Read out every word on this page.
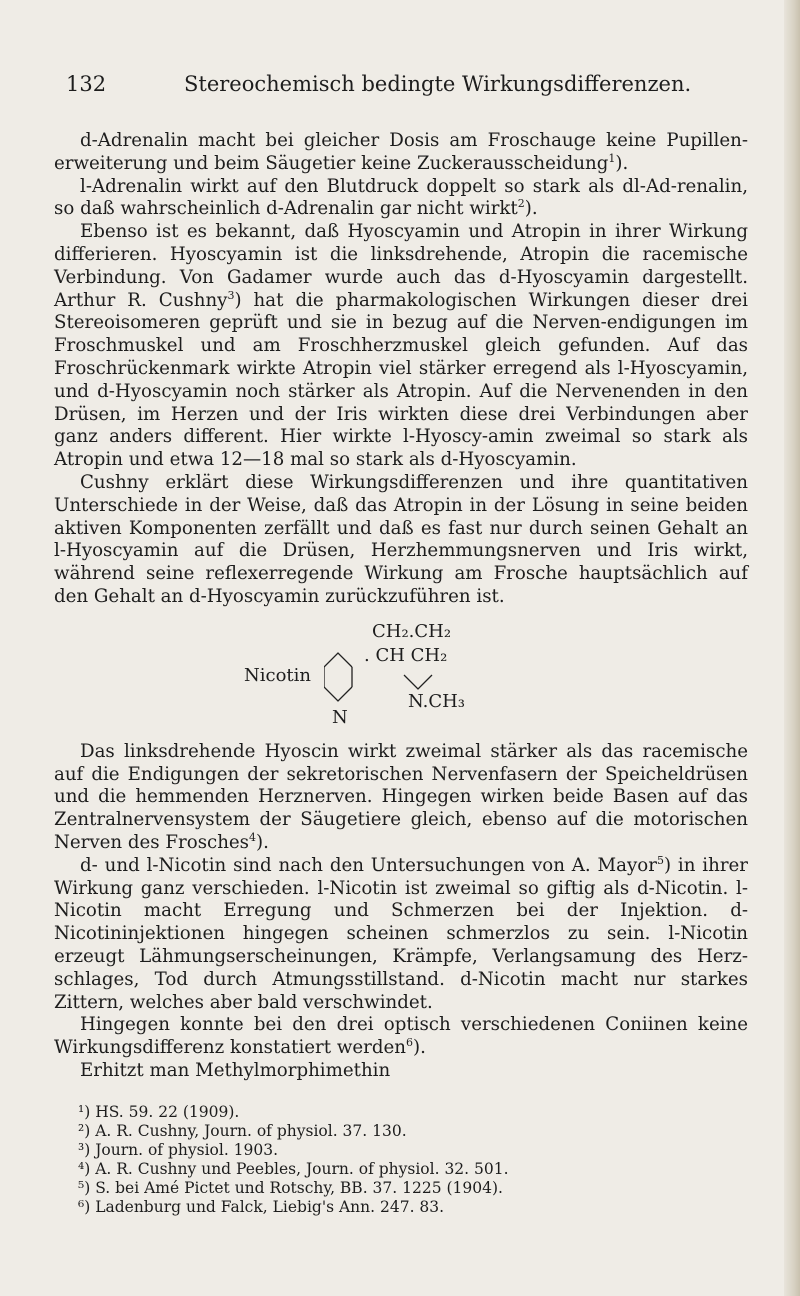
132	Stereochemisch bedingte Wirkungsdifferenzen.

d-Adrenalin macht bei gleicher Dosis am Froschauge keine Pupillen-erweiterung und beim Säugetier keine Zuckerausscheidung$^1$).

l-Adrenalin wirkt auf den Blutdruck doppelt so stark als dl-Ad-renalin, so daß wahrscheinlich d-Adrenalin gar nicht wirkt$^2$).

Ebenso ist es bekannt, daß Hyoscyamin und Atropin in ihrer Wirkung differieren. Hyoscyamin ist die linksdrehende, Atropin die racemische Verbindung. Von Gadamer wurde auch das d-Hyoscyamin dargestellt. Arthur R. Cushny$^3$) hat die pharmakologischen Wirkungen dieser drei Stereoisomeren geprüft und sie in bezug auf die Nerven-endigungen im Froschmuskel und am Froschherzmuskel gleich gefunden. Auf das Froschrückenmark wirkte Atropin viel stärker erregend als l-Hyoscyamin, und d-Hyoscyamin noch stärker als Atropin. Auf die Nervenenden in den Drüsen, im Herzen und der Iris wirkten diese drei Verbindungen aber ganz anders different. Hier wirkte l-Hyoscy-amin zweimal so stark als Atropin und etwa 12—18 mal so stark als d-Hyoscyamin.

Cushny erklärt diese Wirkungsdifferenzen und ihre quantitativen Unterschiede in der Weise, daß das Atropin in der Lösung in seine beiden aktiven Komponenten zerfällt und daß es fast nur durch seinen Gehalt an l-Hyoscyamin auf die Drüsen, Herzhemmungsnerven und Iris wirkt, während seine reflexerregende Wirkung am Frosche hauptsächlich auf den Gehalt an d-Hyoscyamin zurückzuführen ist.

CH₂.CH₂
. CH CH₂
Nicotin
N.CH₃
N

Das linksdrehende Hyoscin wirkt zweimal stärker als das racemische auf die Endigungen der sekretorischen Nervenfasern der Speicheldrüsen und die hemmenden Herznerven. Hingegen wirken beide Basen auf das Zentralnervensystem der Säugetiere gleich, ebenso auf die motorischen Nerven des Frosches$^4$).

d- und l-Nicotin sind nach den Untersuchungen von A. Mayor$^5$) in ihrer Wirkung ganz verschieden. l-Nicotin ist zweimal so giftig als d-Nicotin. l-Nicotin macht Erregung und Schmerzen bei der Injektion. d-Nicotininjektionen hingegen scheinen schmerzlos zu sein. l-Nicotin erzeugt Lähmungserscheinungen, Krämpfe, Verlangsamung des Herz-schlages, Tod durch Atmungsstillstand. d-Nicotin macht nur starkes Zittern, welches aber bald verschwindet.

Hingegen konnte bei den drei optisch verschiedenen Coniinen keine Wirkungsdifferenz konstatiert werden$^6$).

Erhitzt man Methylmorphimethin

¹) HS. 59. 22 (1909).
²) A. R. Cushny, Journ. of physiol. 37. 130.
³) Journ. of physiol. 1903.
⁴) A. R. Cushny und Peebles, Journ. of physiol. 32. 501.
⁵) S. bei Amé Pictet und Rotschy, BB. 37. 1225 (1904).
⁶) Ladenburg und Falck, Liebig's Ann. 247. 83.
